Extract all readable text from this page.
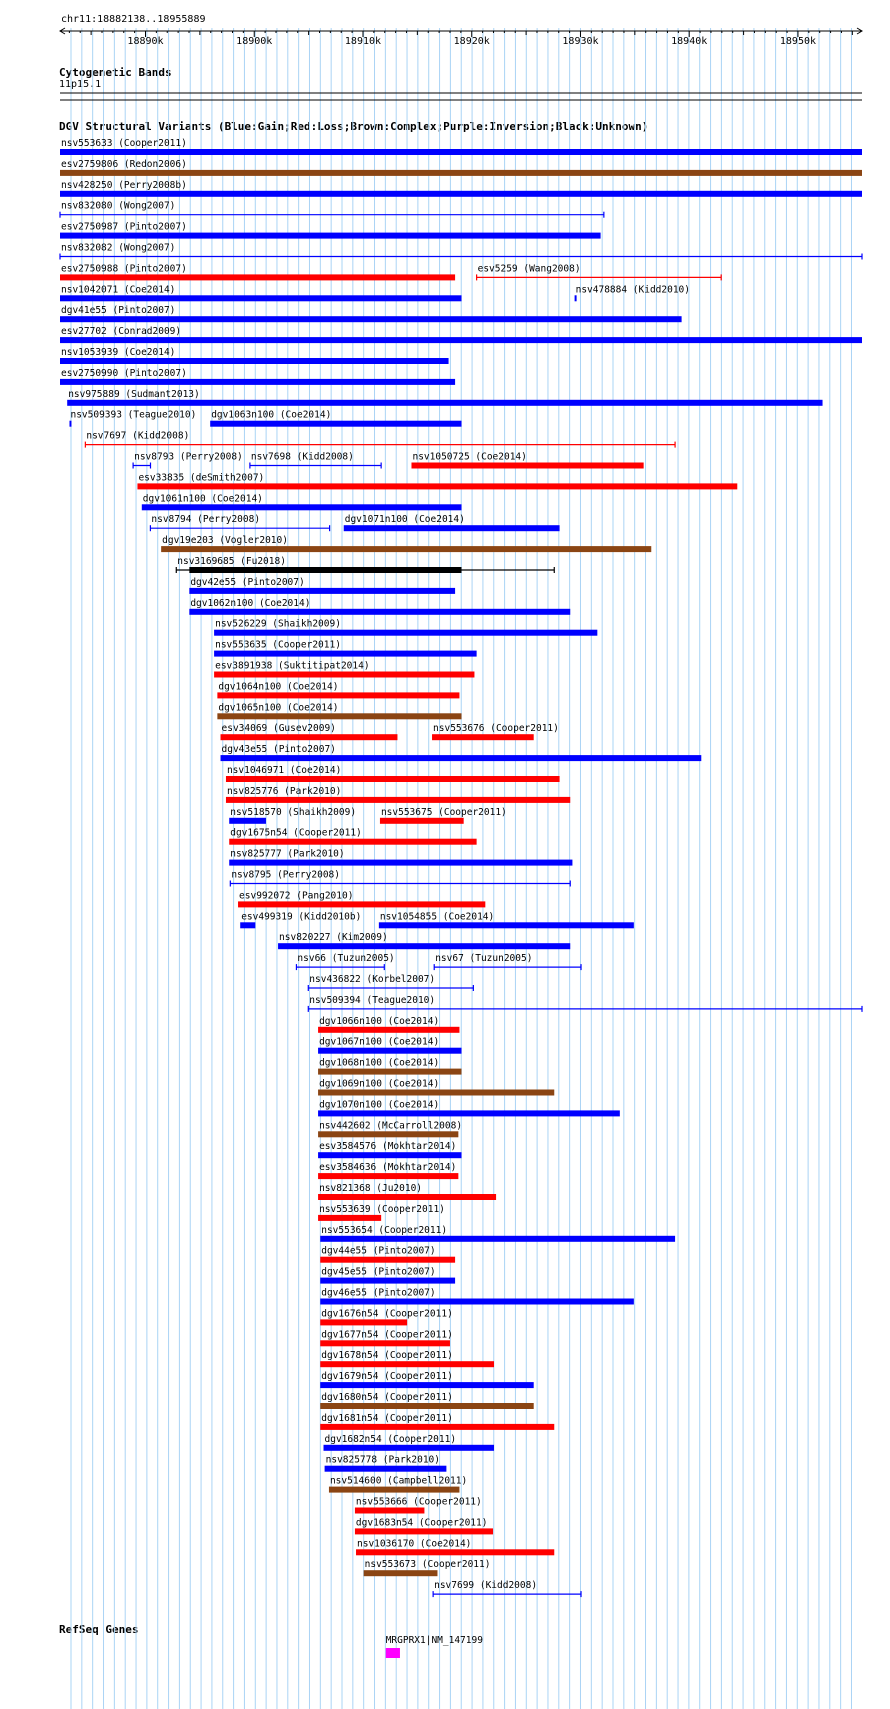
chr11:18882138..18955889
Cytogenetic Bands
11p15.1
DGV Structural Variants (Blue:Gain;Red:Loss;Brown:Complex;Purple:Inversion;Black:Unknown)
RefSeq Genes
18890k	18900k	18910k	18920k	18930k	18940k	18950k
nsv553633 (Cooper2011)
esv2759806 (Redon2006)
nsv428250 (Perry2008b)
nsv832080 (Wong2007)
esv2750987 (Pinto2007)
nsv832082 (Wong2007)
esv2750988 (Pinto2007)	esv5259 (Wang2008)
nsv1042071 (Coe2014)	nsv478884 (Kidd2010)
dgv41e55 (Pinto2007)
esv27702 (Conrad2009)
nsv1053939 (Coe2014)
esv2750990 (Pinto2007)
nsv975889 (Sudmant2013)
nsv509393 (Teague2010) dgv1063n100 (Coe2014)
nsv7697 (Kidd2008)
nsv8793 (Perry2008) nsv7698 (Kidd2008)	nsv1050725 (Coe2014)
esv33835 (deSmith2007)
dgv1061n100 (Coe2014)
nsv8794 (Perry2008)	dgv1071n100 (Coe2014)
dgv19e203 (Vogler2010)
nsv3169685 (Fu2018)
dgv42e55 (Pinto2007)
dgv1062n100 (Coe2014)
nsv526229 (Shaikh2009)
nsv553635 (Cooper2011)
esv3891938 (Suktitipat2014)
dgv1064n100 (Coe2014)
dgv1065n100 (Coe2014)
esv34069 (Gusev2009)	nsv553676 (Cooper2011)
dgv43e55 (Pinto2007)
nsv1046971 (Coe2014)
nsv825776 (Park2010)
nsv518570 (Shaikh2009)	nsv553675 (Cooper2011)
dgv1675n54 (Cooper2011)
nsv825777 (Park2010)
nsv8795 (Perry2008)
esv992072 (Pang2010)
esv499319 (Kidd2010b) nsv1054855 (Coe2014)
nsv820227 (Kim2009)
nsv66 (Tuzun2005)	nsv67 (Tuzun2005)
nsv436822 (Korbel2007)
nsv509394 (Teague2010)
dgv1066n100 (Coe2014)
dgv1067n100 (Coe2014)
dgv1068n100 (Coe2014)
dgv1069n100 (Coe2014)
dgv1070n100 (Coe2014)
nsv442602 (McCarroll2008)
esv3584576 (Mokhtar2014)
esv3584636 (Mokhtar2014)
nsv821368 (Ju2010)
nsv553639 (Cooper2011)
nsv553654 (Cooper2011)
dgv44e55 (Pinto2007)
dgv45e55 (Pinto2007)
dgv46e55 (Pinto2007)
dgv1676n54 (Cooper2011)
dgv1677n54 (Cooper2011)
dgv1678n54 (Cooper2011)
dgv1679n54 (Cooper2011)
dgv1680n54 (Cooper2011)
dgv1681n54 (Cooper2011)
dgv1682n54 (Cooper2011)
nsv825778 (Park2010)
nsv514600 (Campbell2011)
nsv553666 (Cooper2011)
dgv1683n54 (Cooper2011)
nsv1036170 (Coe2014)
nsv553673 (Cooper2011)
nsv7699 (Kidd2008)
MRGPRX1|NM_147199
